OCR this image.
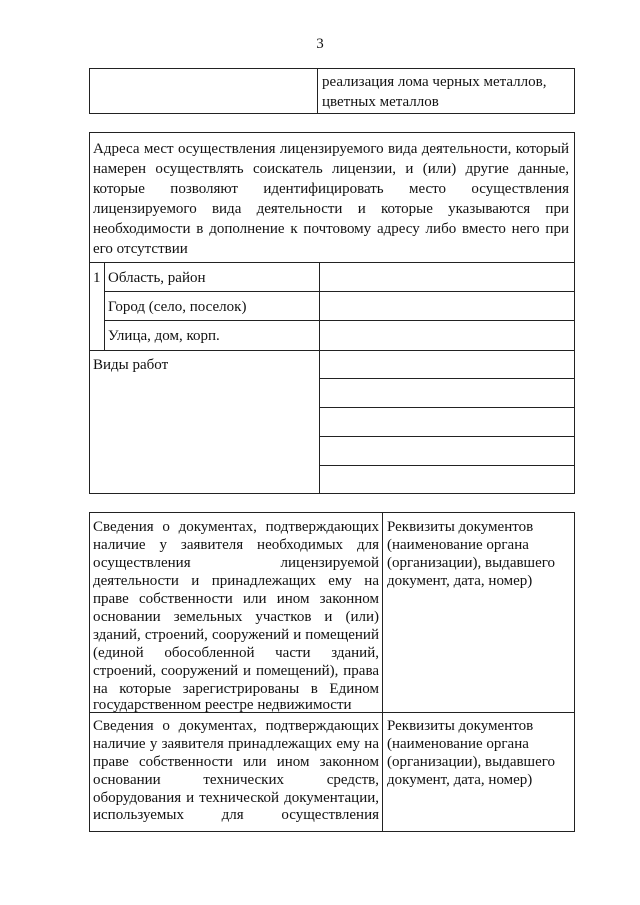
3
реализация лома черных металлов,
цветных металлов
Адреса мест осуществления лицензируемого вида деятельности, который
намерен осуществлять соискатель лицензии, и (или) другие данные,
которые позволяют идентифицировать место осуществления
лицензируемого вида деятельности и которые указываются при
необходимости в дополнение к почтовому адресу либо вместо него при
его отсутствии
1 Область, район
Город (село, поселок)
Улица, дом, корп.
Виды работ
Сведения о документах, подтверждающих
наличие у заявителя необходимых для
осуществления лицензируемой
деятельности и принадлежащих ему на
праве собственности или ином законном
основании земельных участков и (или)
зданий, строений, сооружений и помещений
(единой обособленной части зданий,
строений, сооружений и помещений), права
на которые зарегистрированы в Едином
государственном реестре недвижимости
Реквизиты документов
(наименование органа
(организации), выдавшего
документ, дата, номер)
Сведения о документах, подтверждающих
наличие у заявителя принадлежащих ему на
праве собственности или ином законном
основании технических средств,
оборудования и технической документации,
используемых для осуществления
Реквизиты документов
(наименование органа
(организации), выдавшего
документ, дата, номер)
